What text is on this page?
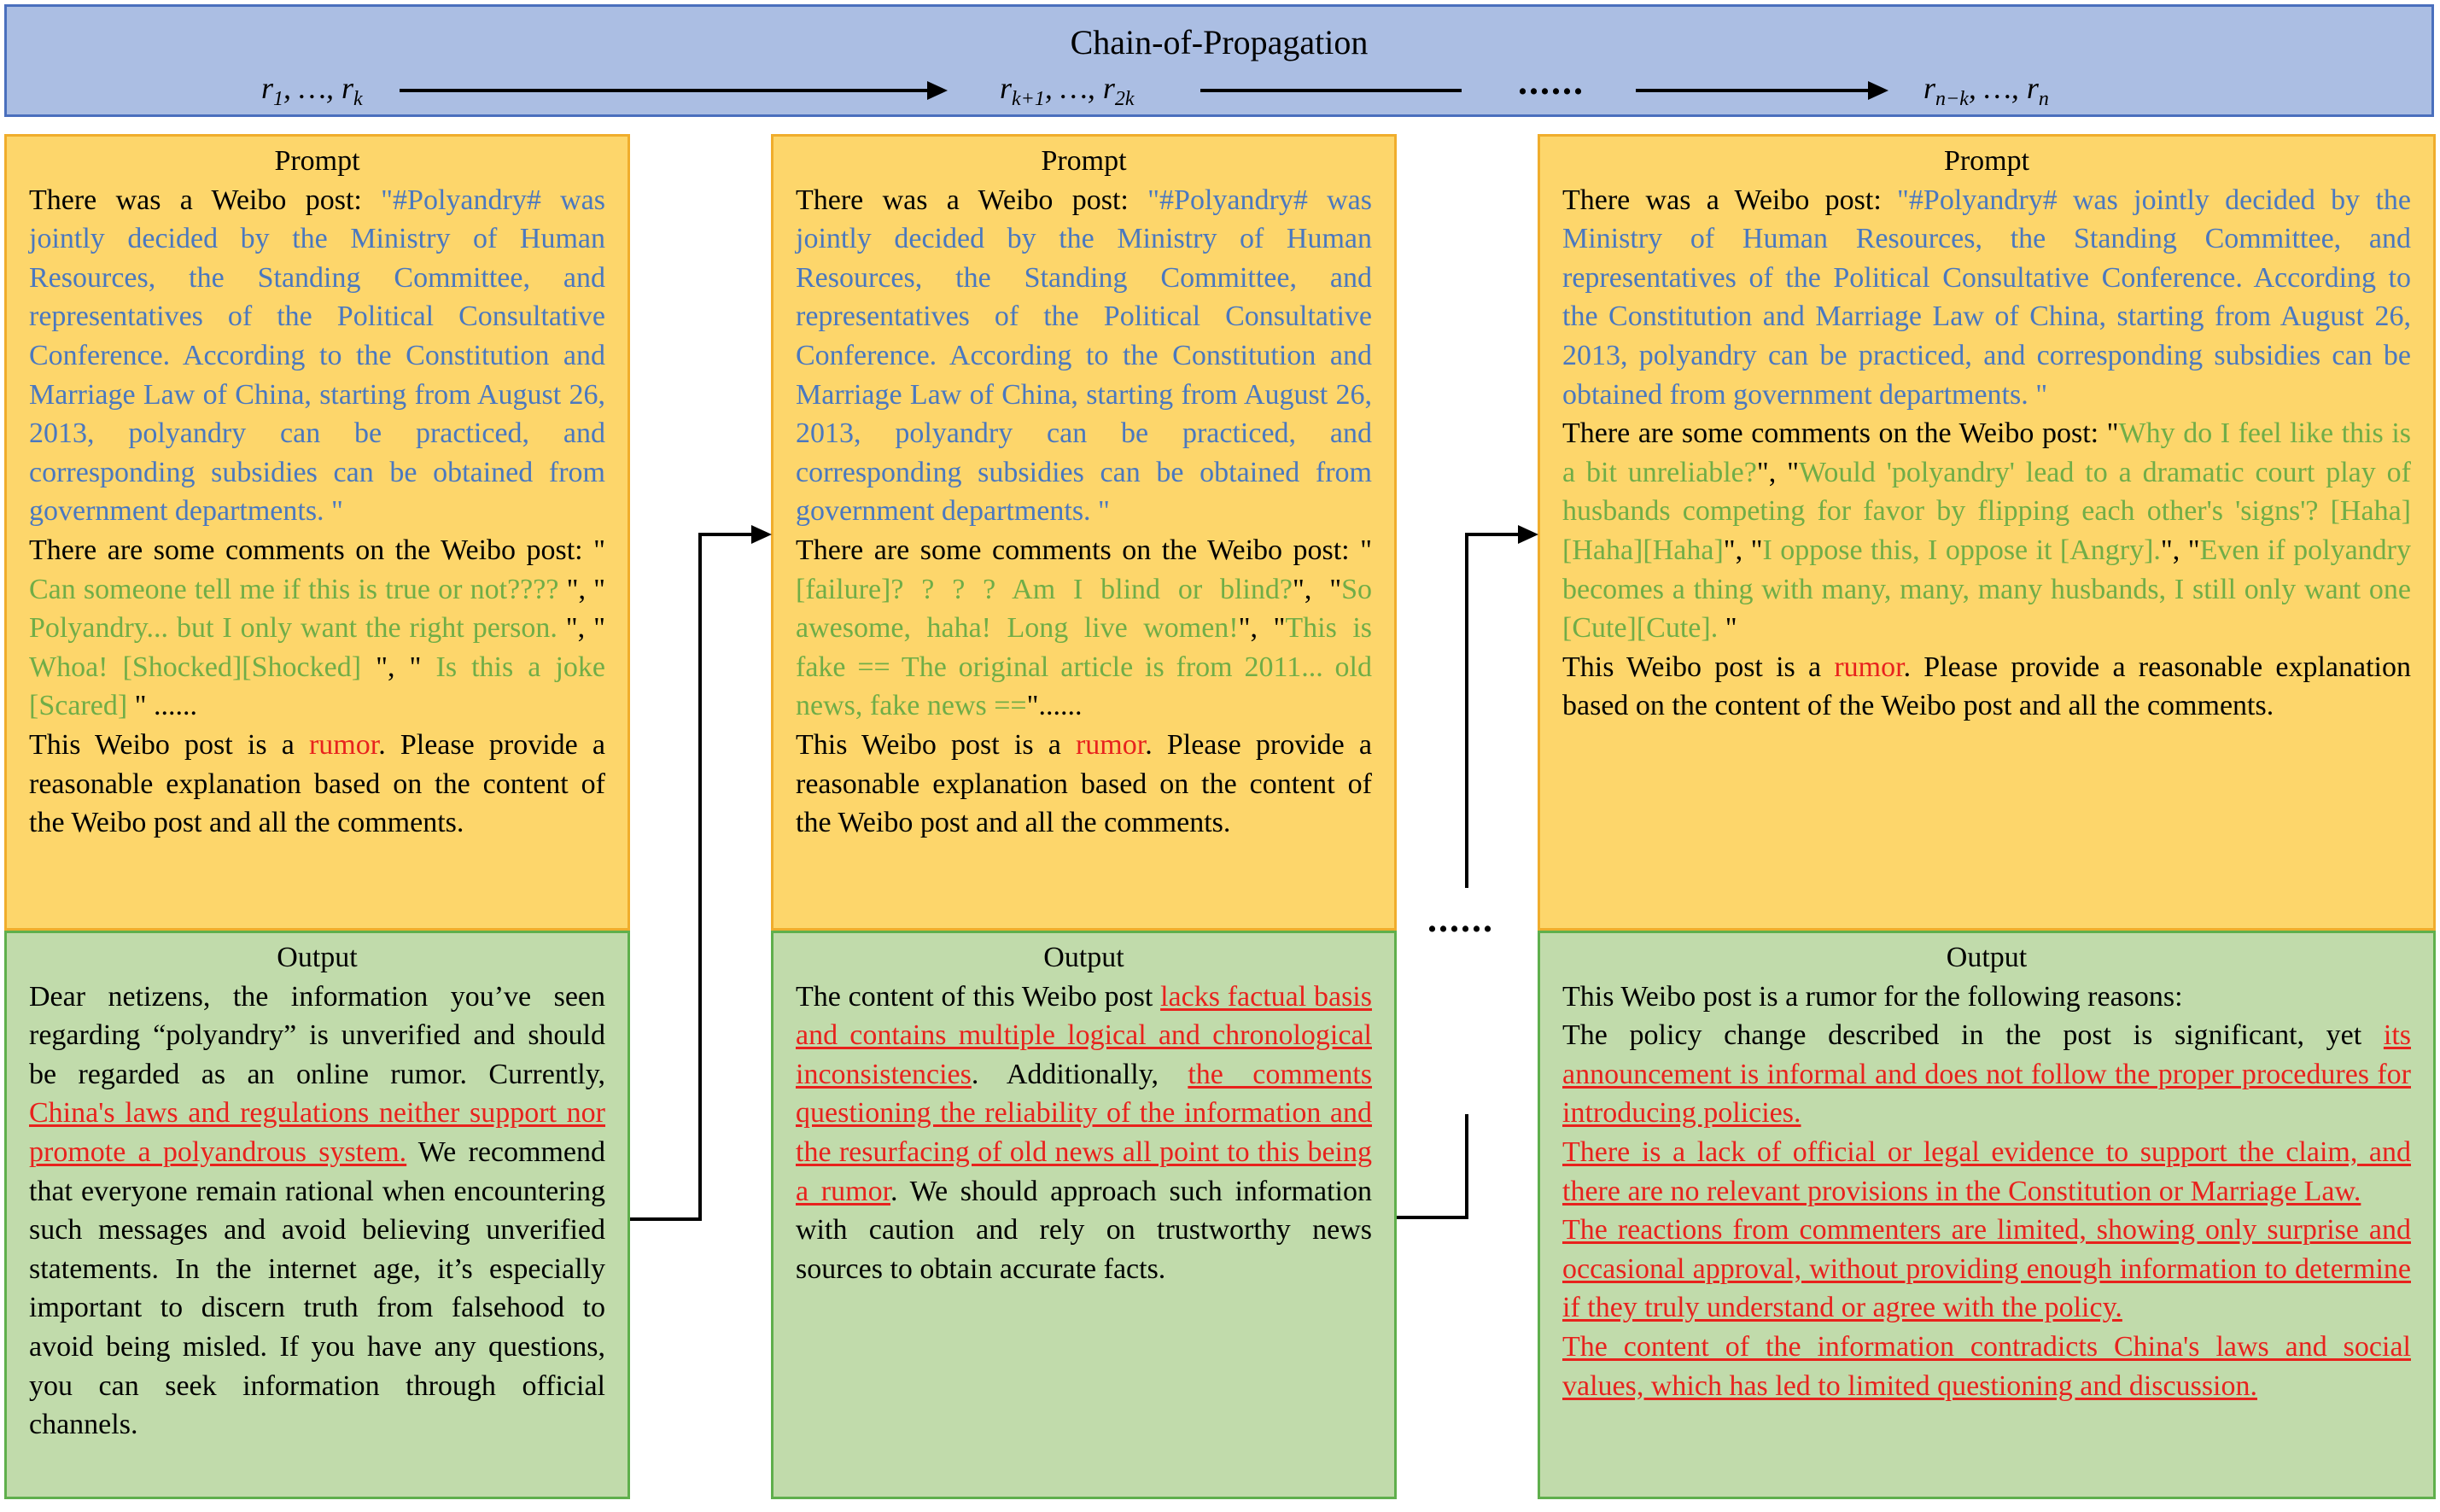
Chain-of-Propagation
$r_1$, …, $r_k$	$r_{k+1}$, …, $r_{2k}$	......	$r_{n-k}$, …, $r_n$
Prompt

There was a Weibo post: "#Polyandry# was jointly decided by the Ministry of Human Resources, the Standing Committee, and representatives of the Political Consultative Conference. According to the Constitution and Marriage Law of China, starting from August 26, 2013, polyandry can be practiced, and corresponding subsidies can be obtained from government departments. "

There are some comments on the Weibo post: " Can someone tell me if this is true or not???? ", " Polyandry... but I only want the right person. ", " Whoa! [Shocked][Shocked] ", " Is this a joke [Scared] " ......

This Weibo post is a rumor. Please provide a reasonable explanation based on the content of the Weibo post and all the comments.

Output

Dear netizens, the information you’ve seen regarding “polyandry” is unverified and should be regarded as an online rumor. Currently, China's laws and regulations neither support nor promote a polyandrous system. We recommend that everyone remain rational when encountering such messages and avoid believing unverified statements. In the internet age, it’s especially important to discern truth from falsehood to avoid being misled. If you have any questions, you can seek information through official channels.

Prompt

There was a Weibo post: "#Polyandry# was jointly decided by the Ministry of Human Resources, the Standing Committee, and representatives of the Political Consultative Conference. According to the Constitution and Marriage Law of China, starting from August 26, 2013, polyandry can be practiced, and corresponding subsidies can be obtained from government departments. "

There are some comments on the Weibo post: " [failure]? ? ? ? Am I blind or blind?", "So awesome, haha! Long live women!", "This is fake == The original article is from 2011... old news, fake news =="......

This Weibo post is a rumor. Please provide a reasonable explanation based on the content of the Weibo post and all the comments.

Output

The content of this Weibo post lacks factual basis and contains multiple logical and chronological inconsistencies. Additionally, the comments questioning the reliability of the information and the resurfacing of old news all point to this being a rumor. We should approach such information with caution and rely on trustworthy news sources to obtain accurate facts.

Prompt

There was a Weibo post: "#Polyandry# was jointly decided by the Ministry of Human Resources, the Standing Committee, and representatives of the Political Consultative Conference. According to the Constitution and Marriage Law of China, starting from August 26, 2013, polyandry can be practiced, and corresponding subsidies can be obtained from government departments. "

There are some comments on the Weibo post: "Why do I feel like this is a bit unreliable?", "Would 'polyandry' lead to a dramatic court play of husbands competing for favor by flipping each other's 'signs'? [Haha][Haha][Haha]", "I oppose this, I oppose it [Angry].", "Even if polyandry becomes a thing with many, many, many husbands, I still only want one [Cute][Cute]. "

This Weibo post is a rumor. Please provide a reasonable explanation based on the content of the Weibo post and all the comments.

Output

This Weibo post is a rumor for the following reasons:
The policy change described in the post is significant, yet its announcement is informal and does not follow the proper procedures for introducing policies.
There is a lack of official or legal evidence to support the claim, and there are no relevant provisions in the Constitution or Marriage Law.
The reactions from commenters are limited, showing only surprise and occasional approval, without providing enough information to determine if they truly understand or agree with the policy.
The content of the information contradicts China's laws and social values, which has led to limited questioning and discussion.

......
